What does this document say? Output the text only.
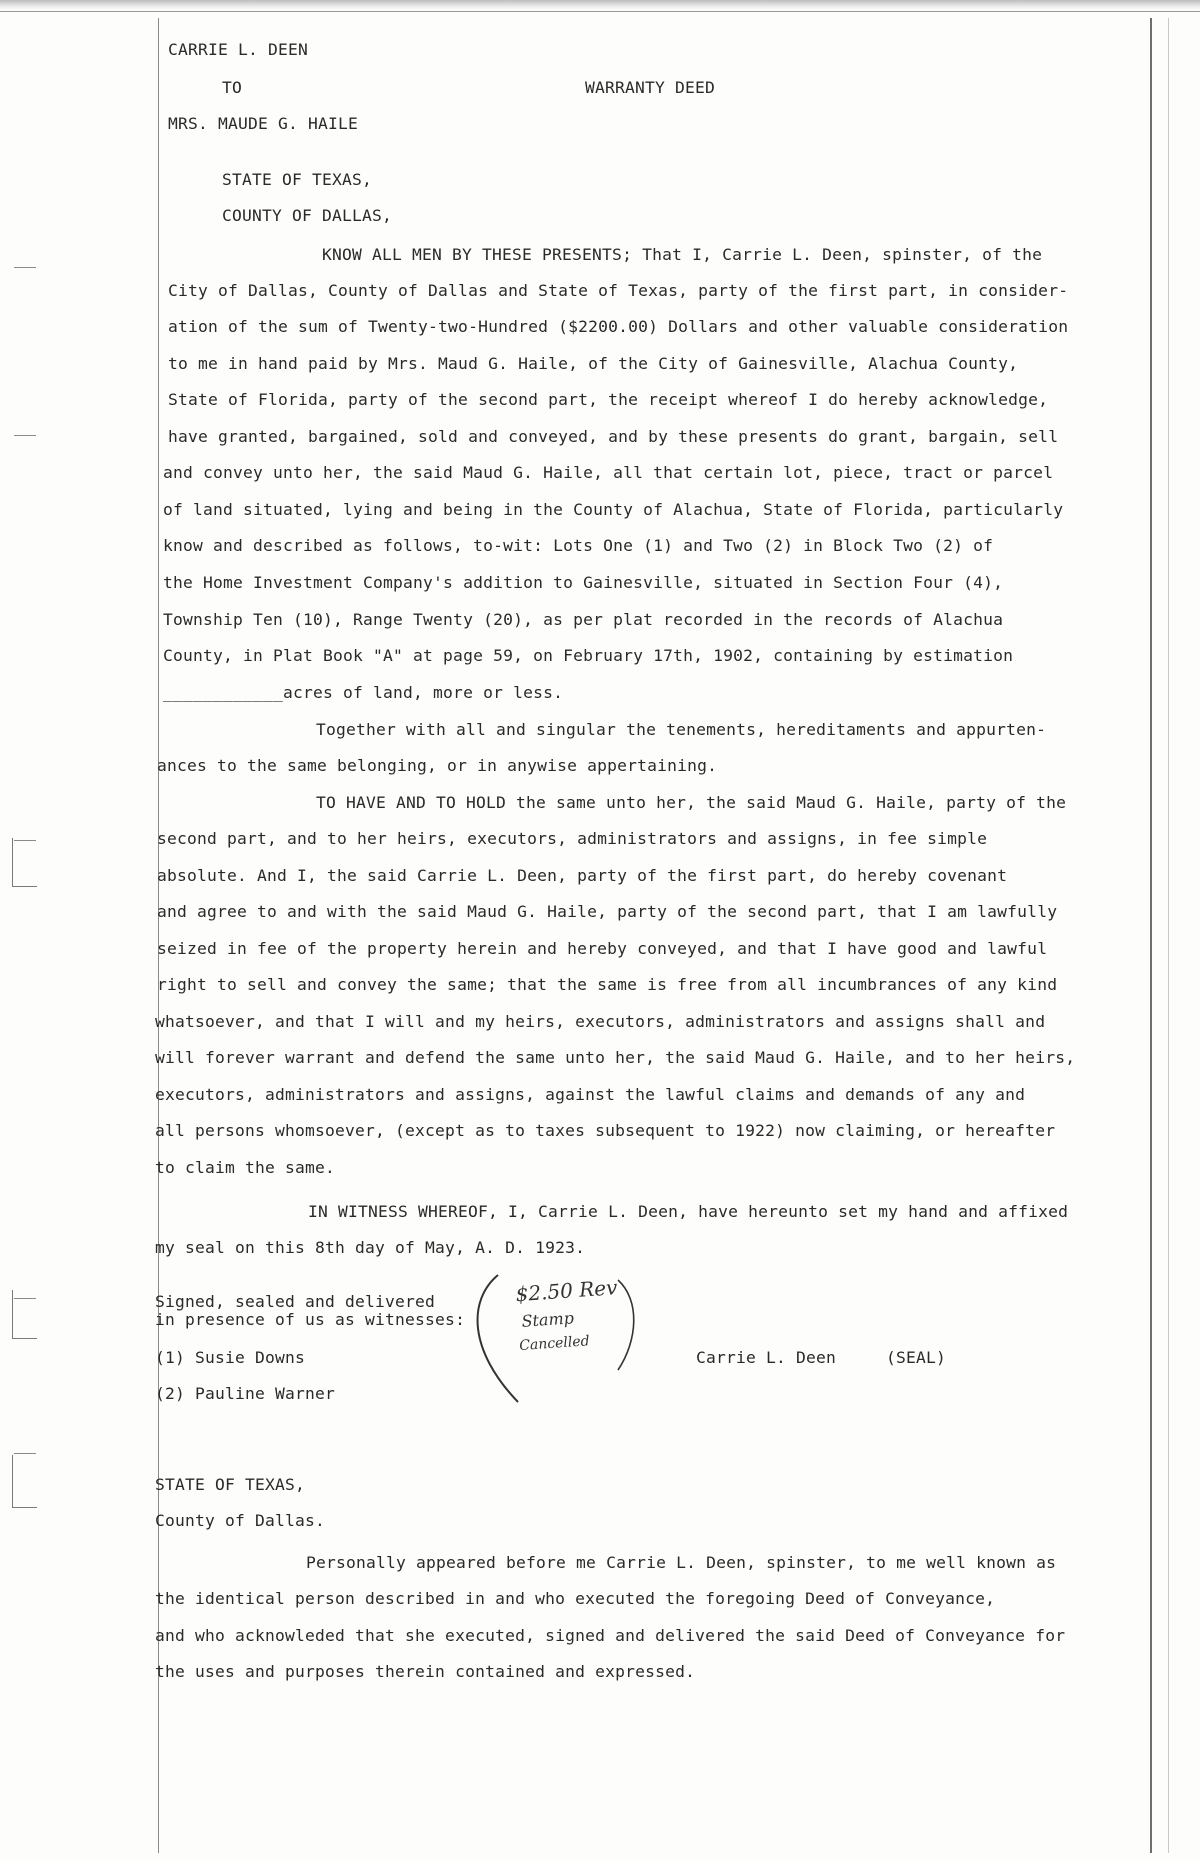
CARRIE L. DEEN
TO	WARRANTY DEED
MRS. MAUDE G. HAILE
STATE OF TEXAS,
COUNTY OF DALLAS,
KNOW ALL MEN BY THESE PRESENTS; That I, Carrie L. Deen, spinster, of the
City of Dallas, County of Dallas and State of Texas, party of the first part, in consider-
ation of the sum of Twenty-two-Hundred ($2200.00) Dollars and other valuable consideration
to me in hand paid by Mrs. Maud G. Haile, of the City of Gainesville, Alachua County,
State of Florida, party of the second part, the receipt whereof I do hereby acknowledge,
have granted, bargained, sold and conveyed, and by these presents do grant, bargain, sell
and convey unto her, the said Maud G. Haile, all that certain lot, piece, tract or parcel
of land situated, lying and being in the County of Alachua, State of Florida, particularly
know and described as follows, to-wit: Lots One (1) and Two (2) in Block Two (2) of
the Home Investment Company's addition to Gainesville, situated in Section Four (4),
Township Ten (10), Range Twenty (20), as per plat recorded in the records of Alachua
County, in Plat Book "A" at page 59, on February 17th, 1902, containing by estimation
____________acres of land, more or less.
Together with all and singular the tenements, hereditaments and appurten-
ances to the same belonging, or in anywise appertaining.
TO HAVE AND TO HOLD the same unto her, the said Maud G. Haile, party of the
second part, and to her heirs, executors, administrators and assigns, in fee simple
absolute. And I, the said Carrie L. Deen, party of the first part, do hereby covenant
and agree to and with the said Maud G. Haile, party of the second part, that I am lawfully
seized in fee of the property herein and hereby conveyed, and that I have good and lawful
right to sell and convey the same; that the same is free from all incumbrances of any kind
whatsoever, and that I will and my heirs, executors, administrators and assigns shall and
will forever warrant and defend the same unto her, the said Maud G. Haile, and to her heirs,
executors, administrators and assigns, against the lawful claims and demands of any and
all persons whomsoever, (except as to taxes subsequent to 1922) now claiming, or hereafter
to claim the same.
IN WITNESS WHEREOF, I, Carrie L. Deen, have hereunto set my hand and affixed
my seal on this 8th day of May, A. D. 1923.
Signed, sealed and delivered
in presence of us as witnesses:
(1) Susie Downs
(2) Pauline Warner
$2.50 Rev
Stamp
Cancelled
Carrie L. Deen	(SEAL)
STATE OF TEXAS,
County of Dallas.
Personally appeared before me Carrie L. Deen, spinster, to me well known as
the identical person described in and who executed the foregoing Deed of Conveyance,
and who acknowleded that she executed, signed and delivered the said Deed of Conveyance for
the uses and purposes therein contained and expressed.
